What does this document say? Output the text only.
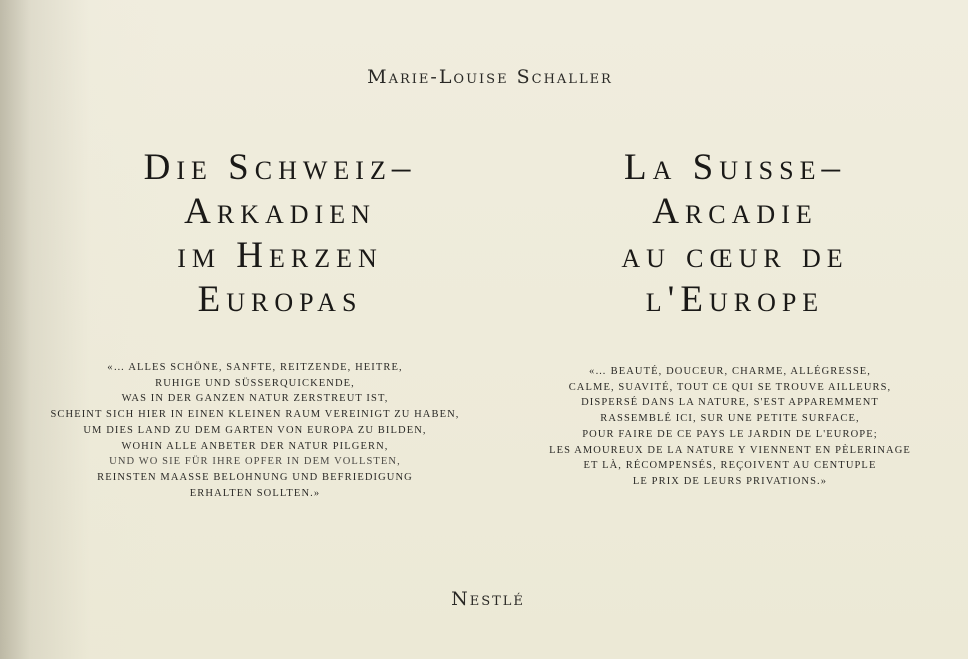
Marie-Louise Schaller
Die Schweiz–
Arkadien
im Herzen
Europas
La Suisse–
Arcadie
au cœur de
l'Europe
«… ALLES SCHÖNE, SANFTE, REITZENDE, HEITRE,
RUHIGE UND SÜSSERQUICKENDE,
WAS IN DER GANZEN NATUR ZERSTREUT IST,
SCHEINT SICH HIER IN EINEN KLEINEN RAUM VEREINIGT ZU HABEN,
UM DIES LAND ZU DEM GARTEN VON EUROPA ZU BILDEN,
WOHIN ALLE ANBETER DER NATUR PILGERN,
UND WO SIE FÜR IHRE OPFER IN DEM VOLLSTEN,
REINSTEN MAASSE BELOHNUNG UND BEFRIEDIGUNG
ERHALTEN SOLLTEN.»
«… BEAUTÉ, DOUCEUR, CHARME, ALLÉGRESSE,
CALME, SUAVITÉ, TOUT CE QUI SE TROUVE AILLEURS,
DISPERSÉ DANS LA NATURE, S'EST APPAREMMENT
RASSEMBLÉ ICI, SUR UNE PETITE SURFACE,
POUR FAIRE DE CE PAYS LE JARDIN DE L'EUROPE;
LES AMOUREUX DE LA NATURE Y VIENNENT EN PÈLERINAGE
ET LÀ, RÉCOMPENSÉS, REÇOIVENT AU CENTUPLE
LE PRIX DE LEURS PRIVATIONS.»
Nestlé
